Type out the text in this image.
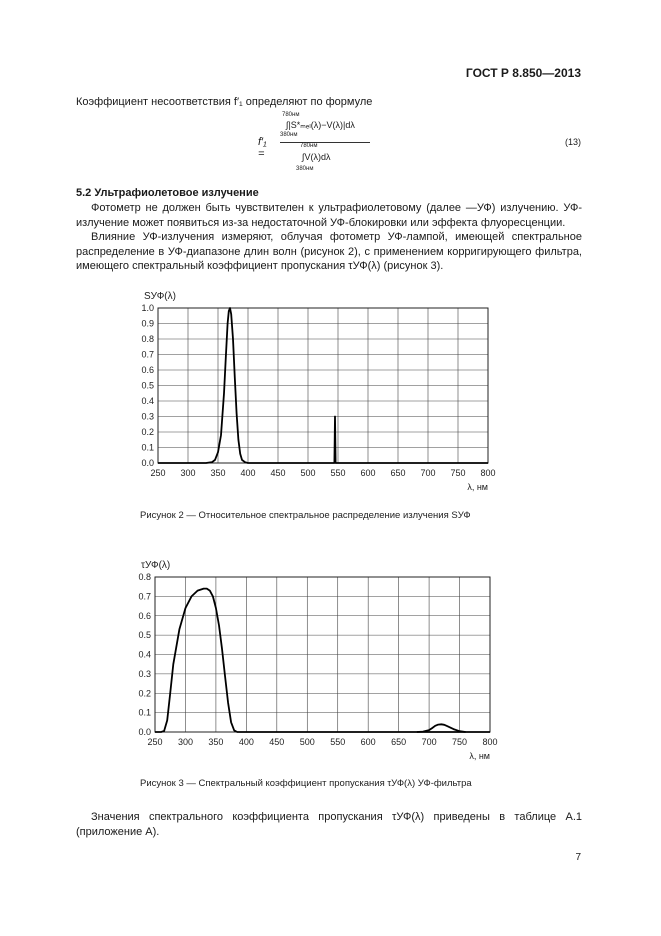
ГОСТ Р 8.850—2013
Коэффициент несоответствия f′₁ определяют по формуле
f′₁ =
780нм
∫|S*ₘₑₗ(λ)−V(λ)|dλ
380нм
780нм
∫V(λ)dλ
380нм
(13)
5.2 Ультрафиолетовое излучение
Фотометр не должен быть чувствителен к ультрафиолетовому (далее —УФ) излучению. УФ-излучение может появиться из-за недостаточной УФ-блокировки или эффекта флуоресценции.
Влияние УФ-излучения измеряют, облучая фотометр УФ-лампой, имеющей спектральное распределение в УФ-диапазоне длин волн (рисунок 2), с применением корригирующего фильтра, имеющего спектральный коэффициент пропускания τУФ(λ) (рисунок 3).
250 300 350 400 450 500 550 600 650 700 750 800
0.0
0.1
0.2
0.3
0.4
0.5
0.6
0.7
0.8
0.9
1.0
SУФ(λ)
λ, нм
Рисунок 2 — Относительное спектральное распределение излучения SУФ
250 300 350 400 450 500 550 600 650 700 750 800
0.0
0.1
0.2
0.3
0.4
0.5
0.6
0.7
0.8
τУФ(λ)
λ, нм
Рисунок 3 — Спектральный коэффициент пропускания τУФ(λ) УФ-фильтра
Значения спектрального коэффициента пропускания τУФ(λ) приведены в таблице А.1 (приложение А).
7
